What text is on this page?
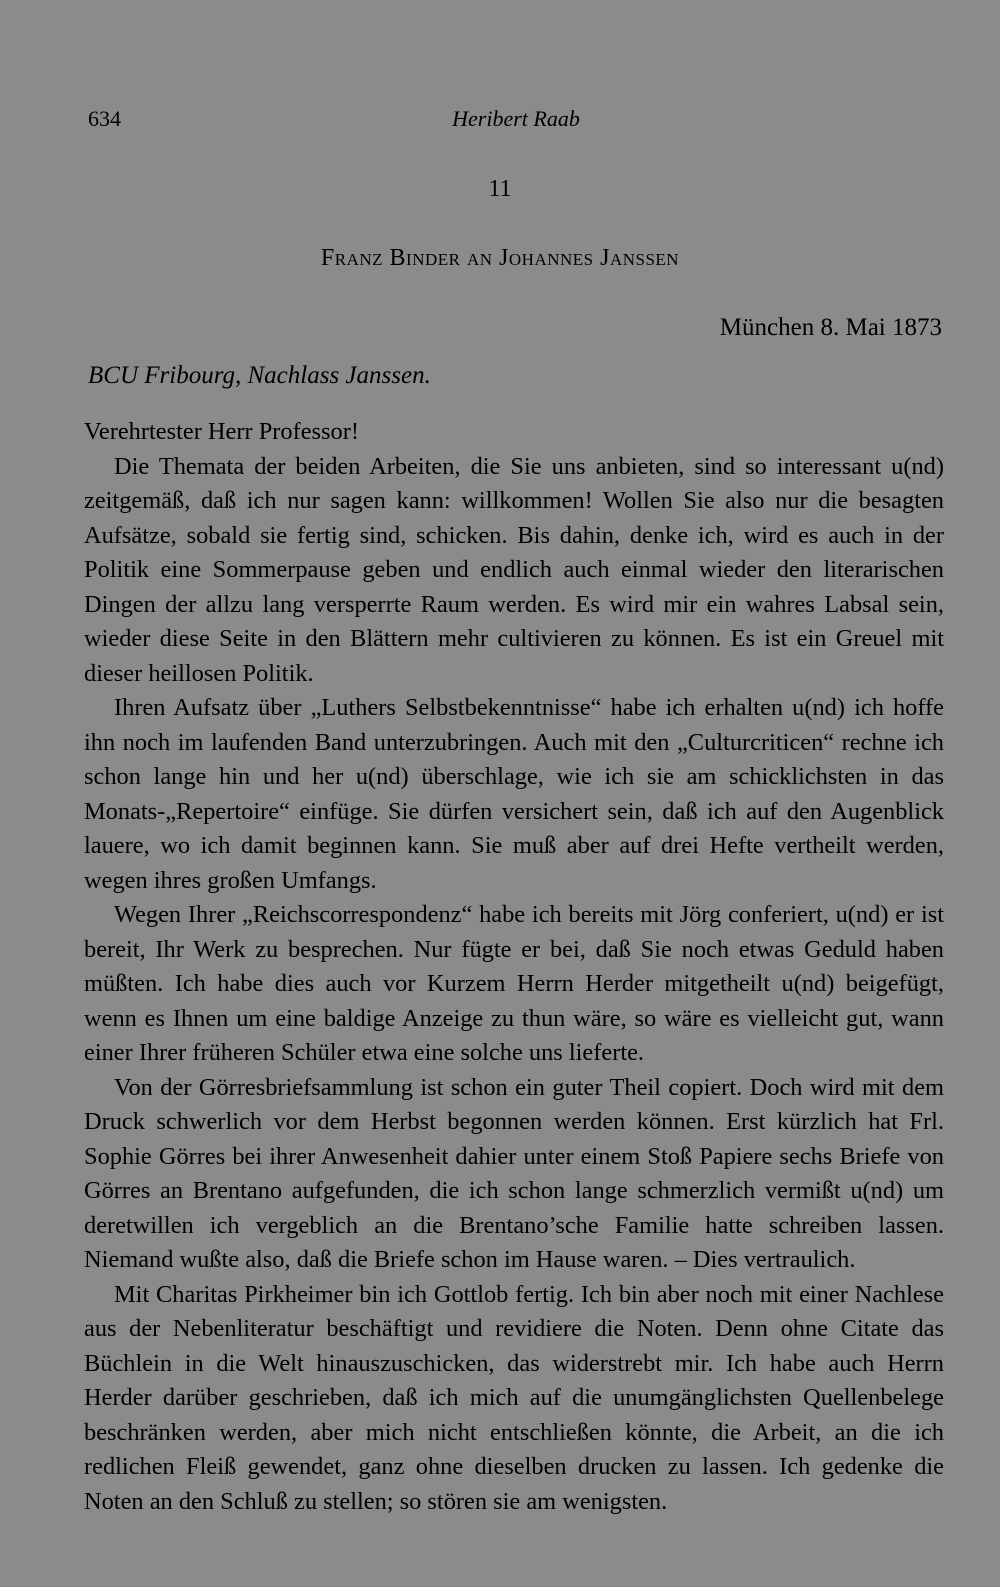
634	Heribert Raab
11
Franz Binder an Johannes Janssen
München 8. Mai 1873
BCU Fribourg, Nachlass Janssen.

Verehrtester Herr Professor!

Die Themata der beiden Arbeiten, die Sie uns anbieten, sind so interessant u(nd) zeitgemäß, daß ich nur sagen kann: willkommen! Wollen Sie also nur die besagten Aufsätze, sobald sie fertig sind, schicken. Bis dahin, denke ich, wird es auch in der Politik eine Sommerpause geben und endlich auch einmal wieder den literarischen Dingen der allzu lang versperrte Raum werden. Es wird mir ein wahres Labsal sein, wieder diese Seite in den Blättern mehr cultivieren zu können. Es ist ein Greuel mit dieser heillosen Politik.

Ihren Aufsatz über „Luthers Selbstbekenntnisse“ habe ich erhalten u(nd) ich hoffe ihn noch im laufenden Band unterzubringen. Auch mit den „Culturcriticen“ rechne ich schon lange hin und her u(nd) überschlage, wie ich sie am schicklichsten in das Monats-„Repertoire“ einfüge. Sie dürfen versichert sein, daß ich auf den Augenblick lauere, wo ich damit beginnen kann. Sie muß aber auf drei Hefte vertheilt werden, wegen ihres großen Umfangs.

Wegen Ihrer „Reichscorrespondenz“ habe ich bereits mit Jörg conferiert, u(nd) er ist bereit, Ihr Werk zu besprechen. Nur fügte er bei, daß Sie noch etwas Geduld haben müßten. Ich habe dies auch vor Kurzem Herrn Herder mitgetheilt u(nd) beigefügt, wenn es Ihnen um eine baldige Anzeige zu thun wäre, so wäre es vielleicht gut, wann einer Ihrer früheren Schüler etwa eine solche uns lieferte.

Von der Görresbriefsammlung ist schon ein guter Theil copiert. Doch wird mit dem Druck schwerlich vor dem Herbst begonnen werden können. Erst kürzlich hat Frl. Sophie Görres bei ihrer Anwesenheit dahier unter einem Stoß Papiere sechs Briefe von Görres an Brentano aufgefunden, die ich schon lange schmerzlich vermißt u(nd) um deretwillen ich vergeblich an die Brentano’sche Familie hatte schreiben lassen. Niemand wußte also, daß die Briefe schon im Hause waren. – Dies vertraulich.

Mit Charitas Pirkheimer bin ich Gottlob fertig. Ich bin aber noch mit einer Nachlese aus der Nebenliteratur beschäftigt und revidiere die Noten. Denn ohne Citate das Büchlein in die Welt hinauszuschicken, das widerstrebt mir. Ich habe auch Herrn Herder darüber geschrieben, daß ich mich auf die unumgänglichsten Quellenbelege beschränken werden, aber mich nicht entschließen könnte, die Arbeit, an die ich redlichen Fleiß gewendet, ganz ohne dieselben drucken zu lassen. Ich gedenke die Noten an den Schluß zu stellen; so stören sie am wenigsten.
